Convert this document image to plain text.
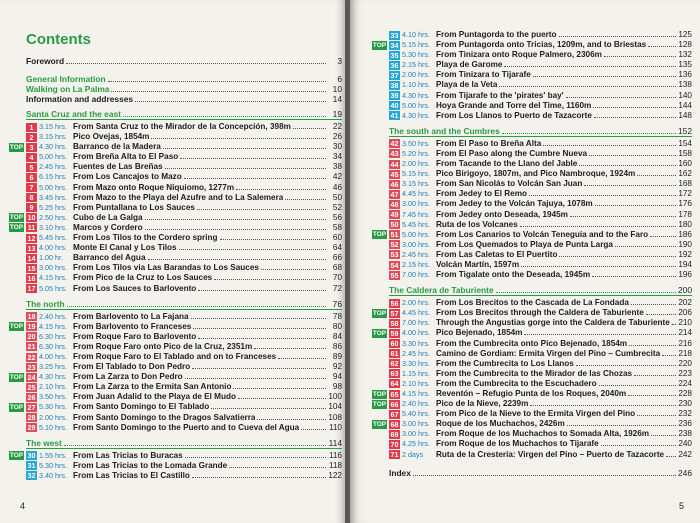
Contents
Foreword	3
General Information	6
Walking on La Palma	10
Information and addresses	14
Santa Cruz and the east	19
1 3.15 hrs. From Santa Cruz to the Mirador de la Concepción, 398m	22
2 3.15 hrs. Pico Ovejas, 1854m	26
TOP 3 4.30 hrs. Barranco de la Madera	30
4 5.00 hrs. From Breña Alta to El Paso	34
5 2.45 hrs. Fuentes de Las Breñas	38
6 6.15 hrs. From Los Cancajos to Mazo	42
7 5.00 hrs. From Mazo onto Roque Niquiomo, 1277m	46
8 3.45 hrs. From Mazo to the Playa del Azufre and to La Salemera	50
9 5.25 hrs. From Puntallana to Los Sauces	52
TOP 10 2.50 hrs. Cubo de La Galga	56
TOP 11 3.10 hrs. Marcos y Cordero	58
12 5.45 hrs. From Los Tilos to the Cordero spring	60
13 4.00 hrs. Monte El Canal y Los Tilos	64
14 1.00 hr.	Barranco del Agua	66
15 3.00 hrs. From Los Tilos via Las Barandas to Los Sauces	68
16 4.15 hrs. From Pico de la Cruz to Los Sauces	70
17 5.05 hrs. From Los Sauces to Barlovento	72
The north	76
18 2.40 hrs. From Barlovento to La Fajana	78
TOP 19 4.15 hrs. From Barlovento to Franceses	80
20 6.30 hrs. From Roque Faro to Barlovento	84
21 6.30 hrs. From Roque Faro onto Pico de la Cruz, 2351m	86
22 4.00 hrs. From Roque Faro to El Tablado and on to Franceses	89
23 3.25 hrs. From El Tablado to Don Pedro	92
TOP 24 4.30 hrs. From La Zarza to Don Pedro	94
25 2.10 hrs. From La Zarza to the Ermita San Antonio	98
26 3.50 hrs. From Juan Adalid to the Playa de El Mudo	100
TOP 27 5.30 hrs. From Santo Domingo to El Tablado	104
28 2.00 hrs. From Santo Domingo to the Dragos Salvatierra	108
29 5.10 hrs. From Santo Domingo to the Puerto and to Cueva del Agua	110
The west	114
TOP 30 1.55 hrs. From Las Tricias to Buracas	116
31 5.30 hrs. From Las Tricias to the Lomada Grande	118
32 3.40 hrs. From Las Tricias to El Castillo	122
4
33 4.10 hrs. From Puntagorda to the puerto	125
TOP 34 5.15 hrs. From Puntagorda onto Tricias, 1209m, and to Briestas	128
35 5.30 hrs. From Tinizara onto Roque Palmero, 2306m	132
36 2.15 hrs. Playa de Garome	135
37 2.00 hrs. From Tinizara to Tijarafe	136
38 1.10 hrs. Playa de la Veta	138
39 4.30 hrs. From Tijarafe to the 'pirates' bay'	140
40 5.00 hrs. Hoya Grande and Torre del Time, 1160m	144
41 4.30 hrs. From Los Llanos to Puerto de Tazacorte	148
The south and the Cumbres	152
42 3.50 hrs. From El Paso to Breña Alta	154
43 5.20 hrs. From El Paso along the Cumbre Nueva	158
44 2.00 hrs. From Tacande to the Llano del Jable	160
45 5.15 hrs. Pico Birigoyo, 1807m, and Pico Nambroque, 1924m	162
46 3.15 hrs. From San Nicolás to Volcán San Juan	168
47 4.45 hrs. From Jedey to El Remo	172
48 3.00 hrs. From Jedey to the Volcán Tajuya, 1078m	176
49 7.45 hrs. From Jedey onto Deseada, 1945m	178
50 5.45 hrs. Ruta de los Volcanes	180
TOP 51 5.00 hrs. From Los Canarios to Volcán Teneguía and to the Faro	186
52 3.00 hrs. From Los Quemados to Playa de Punta Larga	190
53 2.45 hrs. From Las Caletas to El Puertito	192
54 2.15 hrs. Volcán Martín, 1597m	194
55 7.00 hrs. From Tigalate onto the Deseada, 1945m	196
The Caldera de Taburiente	200
56 2.00 hrs. From Los Brecitos to the Cascada de La Fondada	202
TOP 57 4.45 hrs. From Los Brecitos through the Caldera de Taburiente	206
58 7.00 hrs. Through the Angustias gorge into the Caldera de Taburiente 210
TOP 59 4.00 hrs. Pico Bejenado, 1854m	214
60 3.30 hrs. From the Cumbrecita onto Pico Bejenado, 1854m	216
61 2.45 hrs. Camino de Gordiam: Ermita Virgen del Pino – Cumbrecita 218
62 3.30 hrs. From the Cumbrecita to Los Llanos	220
63 1.15 hrs. From the Cumbrecita to the Mirador de las Chozas	223
64 2.10 hrs. From the Cumbrecita to the Escuchadero	224
TOP 65 4.15 hrs. Reventón – Refugio Punta de los Roques, 2040m	228
TOP 66 2.40 hrs. Pico de la Nieve, 2239m	230
67 5.40 hrs. From Pico de la Nieve to the Ermita Virgen del Pino	232
TOP 68 3.00 hrs. Roque de los Muchachos, 2426m	236
69 3.00 hrs. From Roque de los Muchachos to Somada Alta, 1926m	238
70 4.25 hrs. From Roque de los Muchachos to Tijarafe	240
71 2 days	Ruta de la Crestería: Virgen del Pino – Puerto de Tazacorte 242
Index	246
5
